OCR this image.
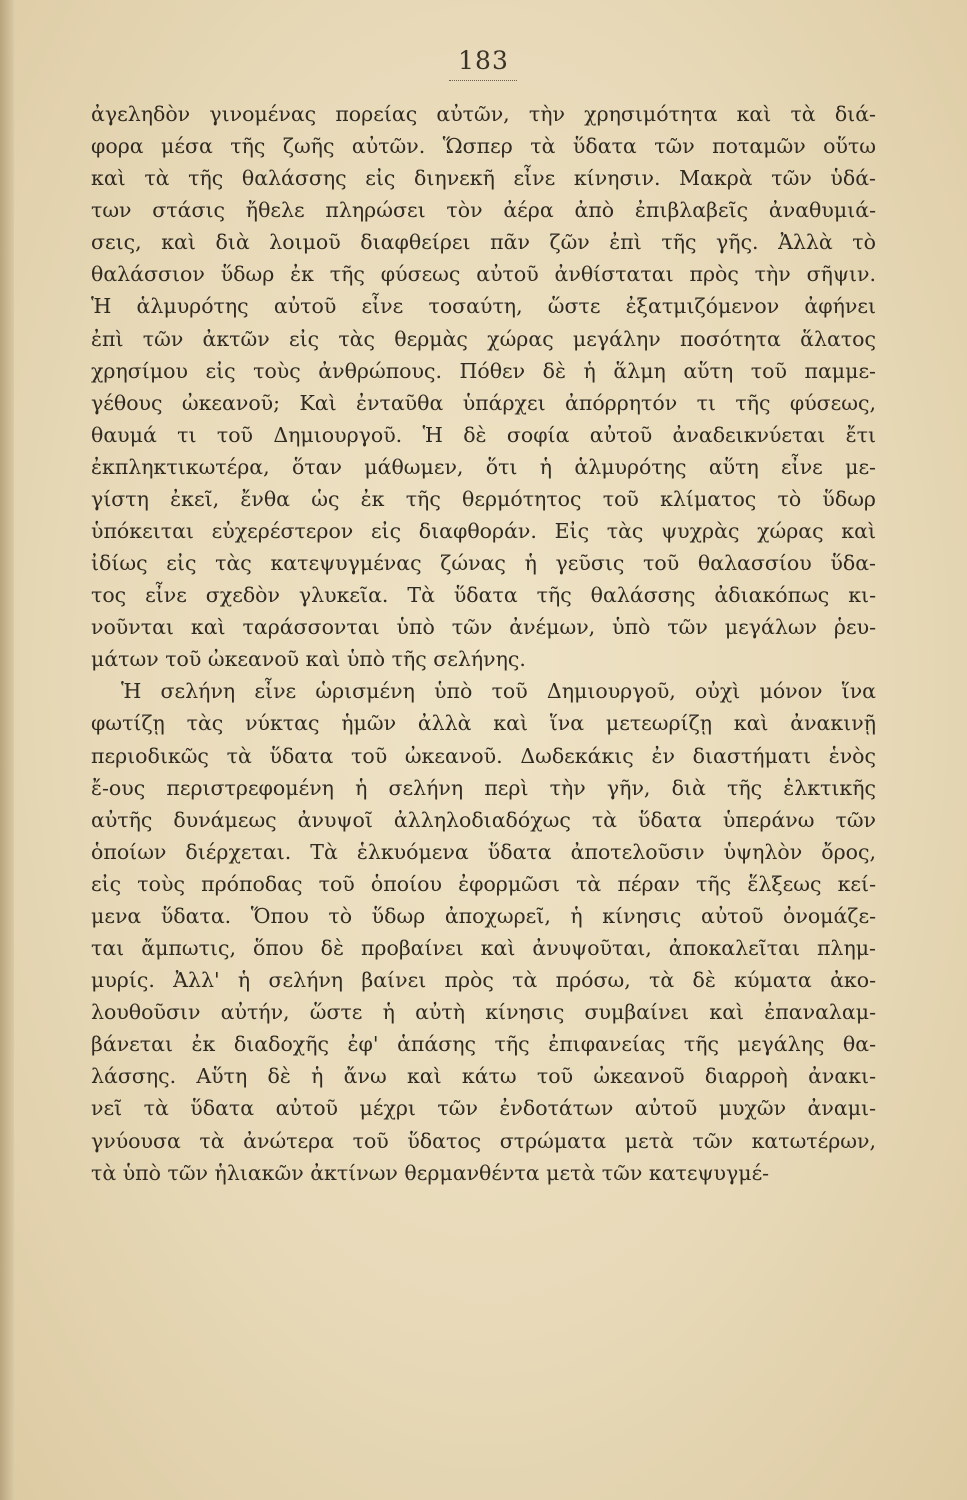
183
ἀγεληδὸν γινομένας πορείας αὐτῶν, τὴν χρησιμότητα καὶ τὰ διά-
φορα μέσα τῆς ζωῆς αὐτῶν. Ὥσπερ τὰ ὕδατα τῶν ποταμῶν οὕτω
καὶ τὰ τῆς θαλάσσης εἰς διηνεκῆ εἶνε κίνησιν. Μακρὰ τῶν ὑδά-
των στάσις ἤθελε πληρώσει τὸν ἀέρα ἀπὸ ἐπιβλαβεῖς ἀναθυμιά-
σεις, καὶ διὰ λοιμοῦ διαφθείρει πᾶν ζῶν ἐπὶ τῆς γῆς. Ἀλλὰ τὸ
θαλάσσιον ὕδωρ ἐκ τῆς φύσεως αὐτοῦ ἀνθίσταται πρὸς τὴν σῆψιν.
Ἡ ἁλμυρότης αὐτοῦ εἶνε τοσαύτη, ὥστε ἐξατμιζόμενον ἀφήνει
ἐπὶ τῶν ἀκτῶν εἰς τὰς θερμὰς χώρας μεγάλην ποσότητα ἅλατος
χρησίμου εἰς τοὺς ἀνθρώπους. Πόθεν δὲ ἡ ἅλμη αὕτη τοῦ παμμε-
γέθους ὠκεανοῦ; Καὶ ἐνταῦθα ὑπάρχει ἀπόρρητόν τι τῆς φύσεως,
θαυμά τι τοῦ Δημιουργοῦ. Ἡ δὲ σοφία αὐτοῦ ἀναδεικνύεται ἔτι
ἐκπληκτικωτέρα, ὅταν μάθωμεν, ὅτι ἡ ἁλμυρότης αὕτη εἶνε με-
γίστη ἐκεῖ, ἔνθα ὡς ἐκ τῆς θερμότητος τοῦ κλίματος τὸ ὕδωρ
ὑπόκειται εὐχερέστερον εἰς διαφθοράν. Εἰς τὰς ψυχρὰς χώρας καὶ
ἰδίως εἰς τὰς κατεψυγμένας ζώνας ἡ γεῦσις τοῦ θαλασσίου ὕδα-
τος εἶνε σχεδὸν γλυκεῖα. Τὰ ὕδατα τῆς θαλάσσης ἀδιακόπως κι-
νοῦνται καὶ ταράσσονται ὑπὸ τῶν ἀνέμων, ὑπὸ τῶν μεγάλων ῥευ-
μάτων τοῦ ὠκεανοῦ καὶ ὑπὸ τῆς σελήνης.
Ἡ σελήνη εἶνε ὡρισμένη ὑπὸ τοῦ Δημιουργοῦ, οὐχὶ μόνον ἵνα
φωτίζῃ τὰς νύκτας ἡμῶν ἀλλὰ καὶ ἵνα μετεωρίζῃ καὶ ἀνακινῇ
περιοδικῶς τὰ ὕδατα τοῦ ὠκεανοῦ. Δωδεκάκις ἐν διαστήματι ἑνὸς
ἔ-ους περιστρεφομένη ἡ σελήνη περὶ τὴν γῆν, διὰ τῆς ἑλκτικῆς
αὐτῆς δυνάμεως ἀνυψοῖ ἀλληλοδιαδόχως τὰ ὕδατα ὑπεράνω τῶν
ὁποίων διέρχεται. Τὰ ἑλκυόμενα ὕδατα ἀποτελοῦσιν ὑψηλὸν ὄρος,
εἰς τοὺς πρόποδας τοῦ ὁποίου ἐφορμῶσι τὰ πέραν τῆς ἕλξεως κεί-
μενα ὕδατα. Ὅπου τὸ ὕδωρ ἀποχωρεῖ, ἡ κίνησις αὐτοῦ ὀνομάζε-
ται ἄμπωτις, ὅπου δὲ προβαίνει καὶ ἀνυψοῦται, ἀποκαλεῖται πλημ-
μυρίς. Ἀλλ' ἡ σελήνη βαίνει πρὸς τὰ πρόσω, τὰ δὲ κύματα ἀκο-
λουθοῦσιν αὐτήν, ὥστε ἡ αὐτὴ κίνησις συμβαίνει καὶ ἐπαναλαμ-
βάνεται ἐκ διαδοχῆς ἐφ' ἁπάσης τῆς ἐπιφανείας τῆς μεγάλης θα-
λάσσης. Αὕτη δὲ ἡ ἄνω καὶ κάτω τοῦ ὠκεανοῦ διαρροὴ ἀνακι-
νεῖ τὰ ὕδατα αὐτοῦ μέχρι τῶν ἐνδοτάτων αὐτοῦ μυχῶν ἀναμι-
γνύουσα τὰ ἀνώτερα τοῦ ὕδατος στρώματα μετὰ τῶν κατωτέρων,
τὰ ὑπὸ τῶν ἡλιακῶν ἀκτίνων θερμανθέντα μετὰ τῶν κατεψυγμέ-
